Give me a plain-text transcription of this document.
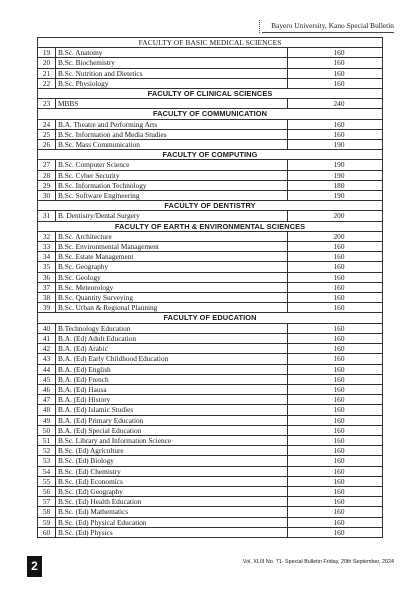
Bayero University, Kano Special Bulletin
FACULTY OF BASIC MEDICAL SCIENCES		
19	B.Sc. Anatomy	160
20	B.Sc. Biochemistry	160
21	B.Sc. Nutrition and Dietetics	160
22	B.Sc. Physiology	160
FACULTY OF CLINICAL SCIENCES		
23	MBBS	240
FACULTY OF COMMUNICATION		
24	B.A. Theatre and Performing Arts	160
25	B.Sc. Information and Media Studies	160
26	B.Sc. Mass Communication	190
FACULTY OF COMPUTING		
27	B.Sc. Computer Science	190
28	B.Sc. Cyber Security	190
29	B.Sc. Information Technology	180
30	B.Sc. Software Engineering	190
FACULTY OF DENTISTRY		
31	B. Dentistry/Dental Surgery	200
FACULTY OF EARTH & ENVIRONMENTAL SCIENCES		
32	B.Sc. Architecture	200
33	B.Sc. Environmental Management	160
34	B.Sc. Estate Management	160
35	B.Sc. Geography	160
36	B.Sc. Geology	160
37	B.Sc. Meteorology	160
38	B.Sc. Quantity Surveying	160
39	B.Sc. Urban & Regional Planning	160
FACULTY OF EDUCATION		
40	B.Technology Education	160
41	B.A. (Ed) Adult Education	160
42	B.A. (Ed) Arabic	160
43	B.A. (Ed) Early Childhood Education	160
44	B.A. (Ed) English	160
45	B.A. (Ed) French	160
46	B.A. (Ed) Hausa	160
47	B.A. (Ed) History	160
48	B.A. (Ed) Islamic Studies	160
49	B.A. (Ed) Primary Education	160
50	B.A. (Ed) Special Education	160
51	B.Sc. Library and Information Science	160
52	B.Sc. (Ed) Agriculture	160
53	B.Sc. (Ed) Biology	160
54	B.Sc. (Ed) Chemistry	160
55	B.Sc. (Ed) Economics	160
56	B.Sc. (Ed) Geography	160
57	B.Sc. (Ed) Health Education	160
58	B.Sc. (Ed) Mathematics	160
59	B.Sc. (Ed) Physical Education	160
60	B.Sc. (Ed) Physics	160
2	Vol. XLIII No. 71- Special Bulletin Friday, 20th September, 2024
